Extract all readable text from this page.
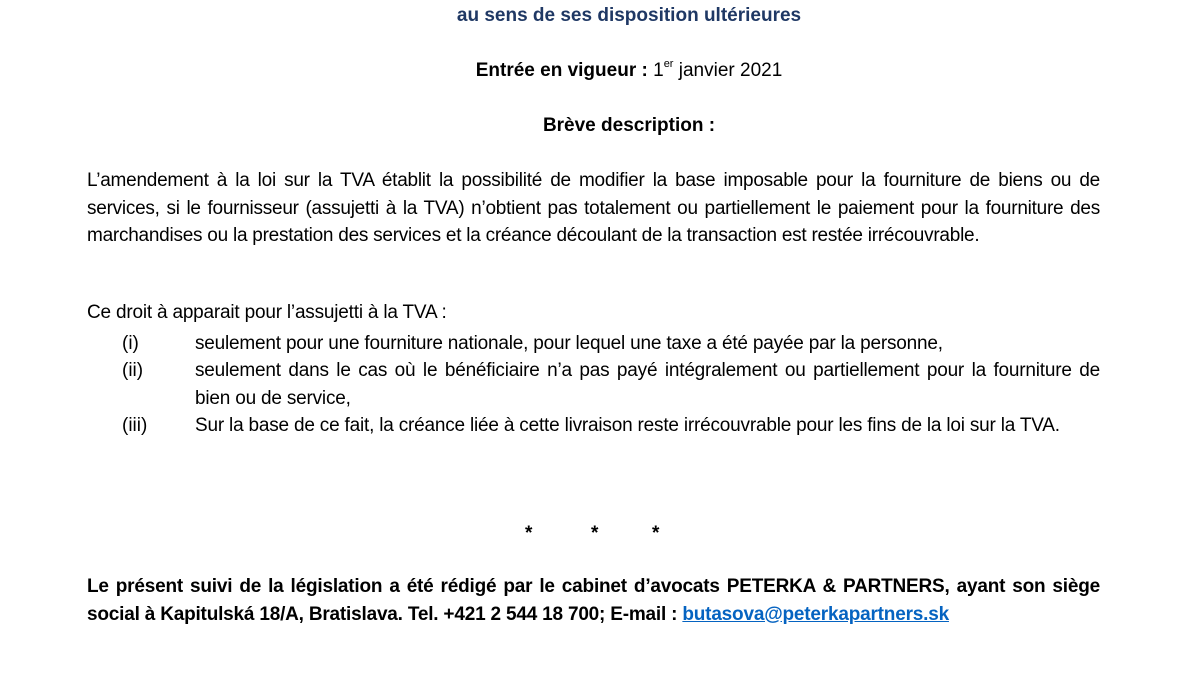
au sens de ses disposition ultérieures
Entrée en vigueur : 1er janvier 2021
Brève description :

L’amendement à la loi sur la TVA établit la possibilité de modifier la base imposable pour la fourniture de biens ou de services, si le fournisseur (assujetti à la TVA) n’obtient pas totalement ou partiellement le paiement pour la fourniture des marchandises ou la prestation des services et la créance découlant de la transaction est restée irrécouvrable.

Ce droit à apparait pour l’assujetti à la TVA :
(i)	seulement pour une fourniture nationale, pour lequel une taxe a été payée par la personne,

(ii)	seulement dans le cas où le bénéficiaire n’a pas payé intégralement ou partiellement pour la fourniture de bien ou de service,

(iii)	Sur la base de ce fait, la créance liée à cette livraison reste irrécouvrable pour les fins de la loi sur la TVA.

*	*	*

Le présent suivi de la législation a été rédigé par le cabinet d’avocats PETERKA & PARTNERS, ayant son siège social à Kapitulská 18/A, Bratislava. Tel. +421 2 544 18 700; E-mail : butasova@peterkapartners.sk
